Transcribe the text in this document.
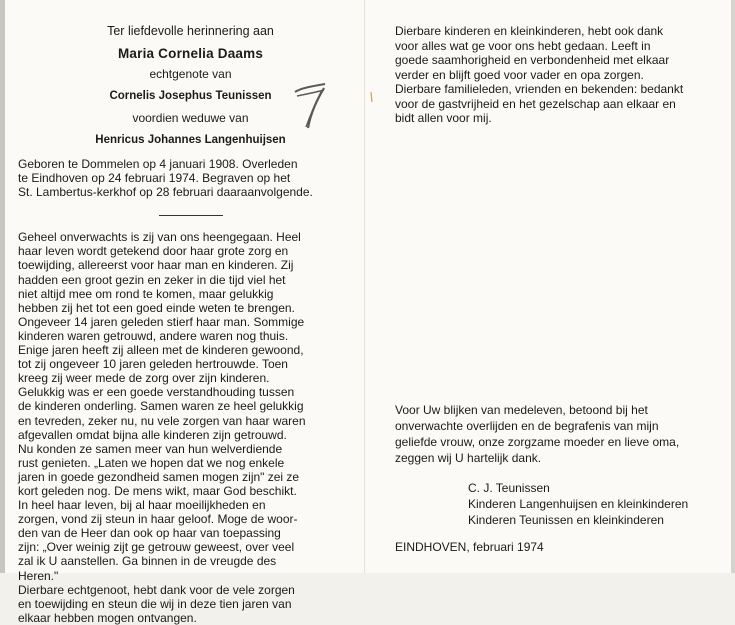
Ter liefdevolle herinnering aan
Maria Cornelia Daams
echtgenote van
Cornelis Josephus Teunissen
voordien weduwe van
Henricus Johannes Langenhuijsen
Geboren te Dommelen op 4 januari 1908. Overleden
te Eindhoven op 24 februari 1974. Begraven op het
St. Lambertus-kerkhof op 28 februari daaraanvolgende.
Geheel onverwachts is zij van ons heengegaan. Heel
haar leven wordt getekend door haar grote zorg en
toewijding, allereerst voor haar man en kinderen. Zij
hadden een groot gezin en zeker in die tijd viel het
niet altijd mee om rond te komen, maar gelukkig
hebben zij het tot een goed einde weten te brengen.
Ongeveer 14 jaren geleden stierf haar man. Sommige
kinderen waren getrouwd, andere waren nog thuis.
Enige jaren heeft zij alleen met de kinderen gewoond,
tot zij ongeveer 10 jaren geleden hertrouwde. Toen
kreeg zij weer mede de zorg over zijn kinderen.
Gelukkig was er een goede verstandhouding tussen
de kinderen onderling. Samen waren ze heel gelukkig
en tevreden, zeker nu, nu vele zorgen van haar waren
afgevallen omdat bijna alle kinderen zijn getrouwd.
Nu konden ze samen meer van hun welverdiende
rust genieten. „Laten we hopen dat we nog enkele
jaren in goede gezondheid samen mogen zijn" zei ze
kort geleden nog. De mens wikt, maar God beschikt.
In heel haar leven, bij al haar moeilijkheden en
zorgen, vond zij steun in haar geloof. Moge de woor-
den van de Heer dan ook op haar van toepassing
zijn: „Over weinig zijt ge getrouw geweest, over veel
zal ik U aanstellen. Ga binnen in de vreugde des
Heren."
Dierbare echtgenoot, hebt dank voor de vele zorgen
en toewijding en steun die wij in deze tien jaren van
elkaar hebben mogen ontvangen.
Dierbare kinderen en kleinkinderen, hebt ook dank
voor alles wat ge voor ons hebt gedaan. Leeft in
goede saamhorigheid en verbondenheid met elkaar
verder en blijft goed voor vader en opa zorgen.
Dierbare familieleden, vrienden en bekenden: bedankt
voor de gastvrijheid en het gezelschap aan elkaar en
bidt allen voor mij.
Voor Uw blijken van medeleven, betoond bij het
onverwachte overlijden en de begrafenis van mijn
geliefde vrouw, onze zorgzame moeder en lieve oma,
zeggen wij U hartelijk dank.
C. J. Teunissen
Kinderen Langenhuijsen en kleinkinderen
Kinderen Teunissen en kleinkinderen
EINDHOVEN, februari 1974
